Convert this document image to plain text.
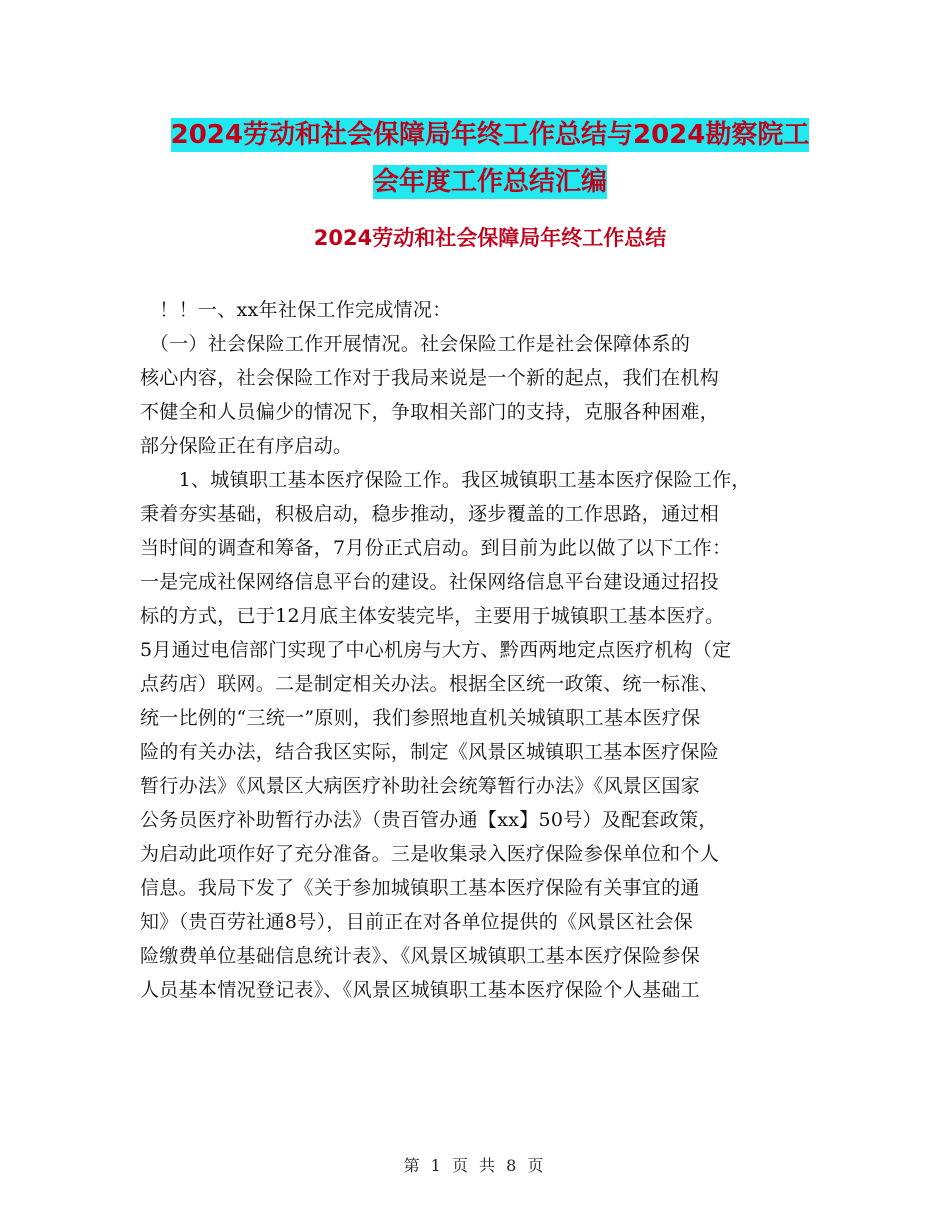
2024劳动和社会保障局年终工作总结与2024勘察院工
会年度工作总结汇编
2024劳动和社会保障局年终工作总结
　！！一、xx年社保工作完成情况：
　（一）社会保险工作开展情况。社会保险工作是社会保障体系的
核心内容，社会保险工作对于我局来说是一个新的起点，我们在机构
不健全和人员偏少的情况下，争取相关部门的支持，克服各种困难，
部分保险正在有序启动。
　　1、城镇职工基本医疗保险工作。我区城镇职工基本医疗保险工作，
秉着夯实基础，积极启动，稳步推动，逐步覆盖的工作思路，通过相
当时间的调查和筹备，7月份正式启动。到目前为此以做了以下工作：
一是完成社保网络信息平台的建设。社保网络信息平台建设通过招投
标的方式，已于12月底主体安装完毕，主要用于城镇职工基本医疗。
5月通过电信部门实现了中心机房与大方、黔西两地定点医疗机构（定
点药店）联网。二是制定相关办法。根据全区统一政策、统一标准、
统一比例的“三统一”原则，我们参照地直机关城镇职工基本医疗保
险的有关办法，结合我区实际，制定《风景区城镇职工基本医疗保险
暂行办法》《风景区大病医疗补助社会统筹暂行办法》《风景区国家
公务员医疗补助暂行办法》（贵百管办通【xx】50号）及配套政策，
为启动此项作好了充分准备。三是收集录入医疗保险参保单位和个人
信息。我局下发了《关于参加城镇职工基本医疗保险有关事宜的通
知》（贵百劳社通8号），目前正在对各单位提供的《风景区社会保
险缴费单位基础信息统计表》、《风景区城镇职工基本医疗保险参保
人员基本情况登记表》、《风景区城镇职工基本医疗保险个人基础工
第 1 页 共 8 页
